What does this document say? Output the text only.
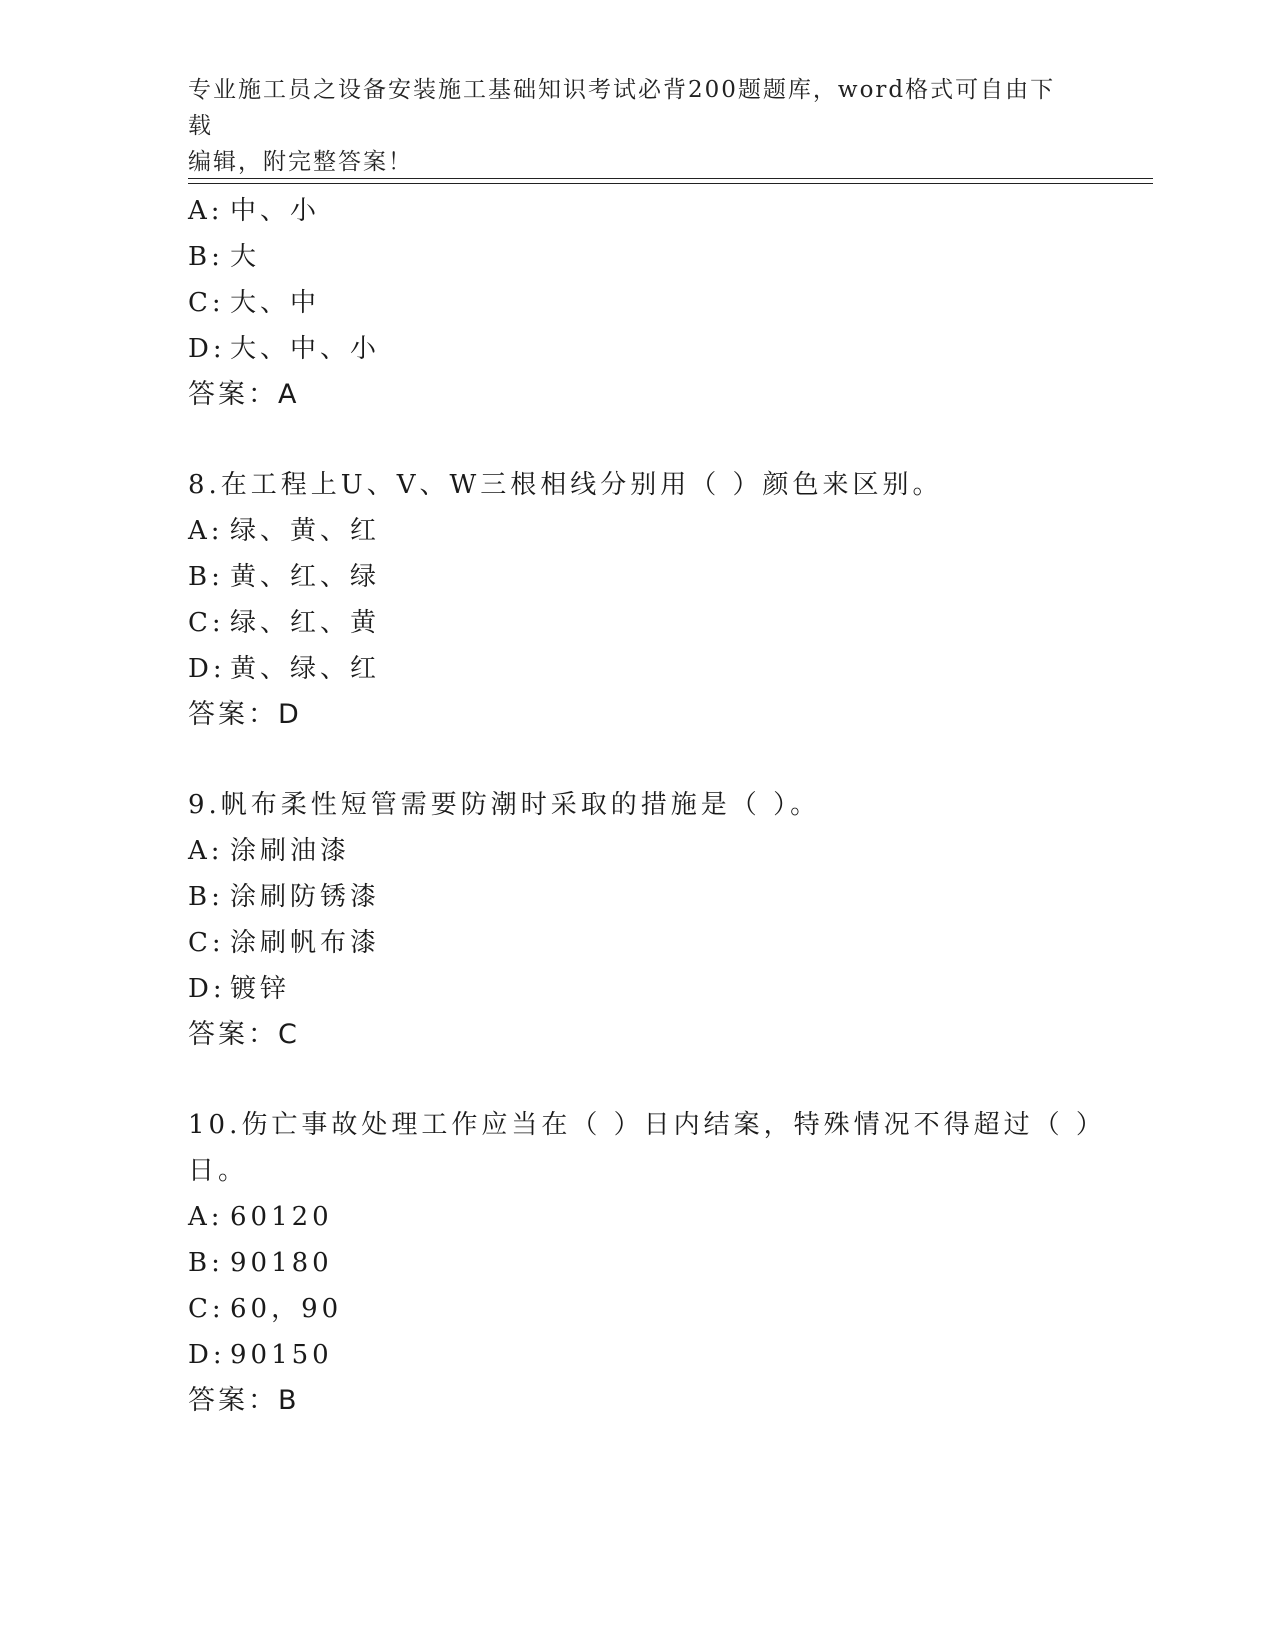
专业施工员之设备安装施工基础知识考试必背200题题库，word格式可自由下载
编辑，附完整答案！
A: 中、小
B: 大
C: 大、中
D: 大、中、小
答案：A
8.在工程上U、V、W三根相线分别用（ ）颜色来区别。
A: 绿、黄、红
B: 黄、红、绿
C: 绿、红、黄
D: 黄、绿、红
答案：D
9.帆布柔性短管需要防潮时采取的措施是（ ）。
A: 涂刷油漆
B: 涂刷防锈漆
C: 涂刷帆布漆
D: 镀锌
答案：C
10.伤亡事故处理工作应当在（ ）日内结案，特殊情况不得超过（ ）
日。
A: 60120
B: 90180
C: 60，90
D: 90150
答案：B
